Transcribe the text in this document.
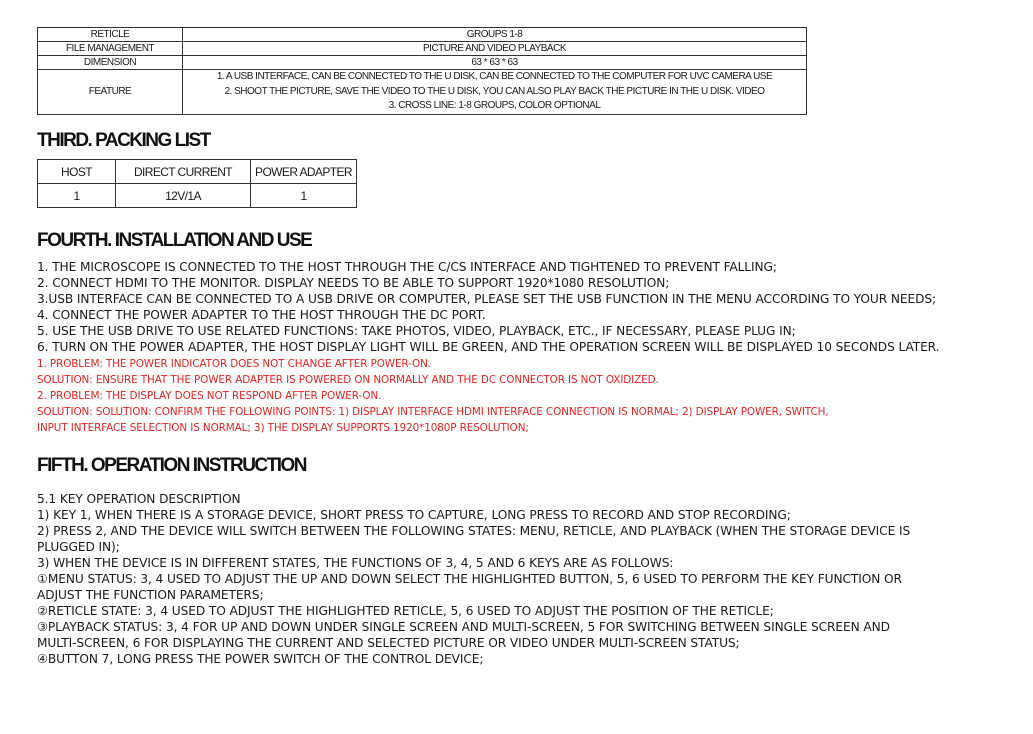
RETICLE	GROUPS 1-8
FILE MANAGEMENT	PICTURE AND VIDEO PLAYBACK
DIMENSION	63 * 63 * 63
FEATURE	1. A USB INTERFACE, CAN BE CONNECTED TO THE U DISK, CAN BE CONNECTED TO THE COMPUTER FOR UVC CAMERA USE
2. SHOOT THE PICTURE, SAVE THE VIDEO TO THE U DISK, YOU CAN ALSO PLAY BACK THE PICTURE IN THE U DISK. VIDEO
3. CROSS LINE: 1-8 GROUPS, COLOR OPTIONAL
THIRD. PACKING LIST
HOST	DIRECT CURRENT	POWER ADAPTER
1	12V/1A	1
FOURTH. INSTALLATION AND USE
1. THE MICROSCOPE IS CONNECTED TO THE HOST THROUGH THE C/CS INTERFACE AND TIGHTENED TO PREVENT FALLING;
2. CONNECT HDMI TO THE MONITOR. DISPLAY NEEDS TO BE ABLE TO SUPPORT 1920*1080 RESOLUTION;
3.USB INTERFACE CAN BE CONNECTED TO A USB DRIVE OR COMPUTER, PLEASE SET THE USB FUNCTION IN THE MENU ACCORDING TO YOUR NEEDS;
4. CONNECT THE POWER ADAPTER TO THE HOST THROUGH THE DC PORT.
5. USE THE USB DRIVE TO USE RELATED FUNCTIONS: TAKE PHOTOS, VIDEO, PLAYBACK, ETC., IF NECESSARY, PLEASE PLUG IN;
6. TURN ON THE POWER ADAPTER, THE HOST DISPLAY LIGHT WILL BE GREEN, AND THE OPERATION SCREEN WILL BE DISPLAYED 10 SECONDS LATER.
1. PROBLEM: THE POWER INDICATOR DOES NOT CHANGE AFTER POWER-ON.
SOLUTION: ENSURE THAT THE POWER ADAPTER IS POWERED ON NORMALLY AND THE DC CONNECTOR IS NOT OXIDIZED.
2. PROBLEM: THE DISPLAY DOES NOT RESPOND AFTER POWER-ON.
SOLUTION: SOLUTION: CONFIRM THE FOLLOWING POINTS: 1) DISPLAY INTERFACE HDMI INTERFACE CONNECTION IS NORMAL; 2) DISPLAY POWER, SWITCH,
INPUT INTERFACE SELECTION IS NORMAL; 3) THE DISPLAY SUPPORTS 1920*1080P RESOLUTION;
FIFTH. OPERATION INSTRUCTION
5.1 KEY OPERATION DESCRIPTION
1) KEY 1, WHEN THERE IS A STORAGE DEVICE, SHORT PRESS TO CAPTURE, LONG PRESS TO RECORD AND STOP RECORDING;
2) PRESS 2, AND THE DEVICE WILL SWITCH BETWEEN THE FOLLOWING STATES: MENU, RETICLE, AND PLAYBACK (WHEN THE STORAGE DEVICE IS
PLUGGED IN);
3) WHEN THE DEVICE IS IN DIFFERENT STATES, THE FUNCTIONS OF 3, 4, 5 AND 6 KEYS ARE AS FOLLOWS:
①MENU STATUS: 3, 4 USED TO ADJUST THE UP AND DOWN SELECT THE HIGHLIGHTED BUTTON, 5, 6 USED TO PERFORM THE KEY FUNCTION OR
ADJUST THE FUNCTION PARAMETERS;
②RETICLE STATE: 3, 4 USED TO ADJUST THE HIGHLIGHTED RETICLE, 5, 6 USED TO ADJUST THE POSITION OF THE RETICLE;
③PLAYBACK STATUS: 3, 4 FOR UP AND DOWN UNDER SINGLE SCREEN AND MULTI-SCREEN, 5 FOR SWITCHING BETWEEN SINGLE SCREEN AND
MULTI-SCREEN, 6 FOR DISPLAYING THE CURRENT AND SELECTED PICTURE OR VIDEO UNDER MULTI-SCREEN STATUS;
④BUTTON 7, LONG PRESS THE POWER SWITCH OF THE CONTROL DEVICE;
